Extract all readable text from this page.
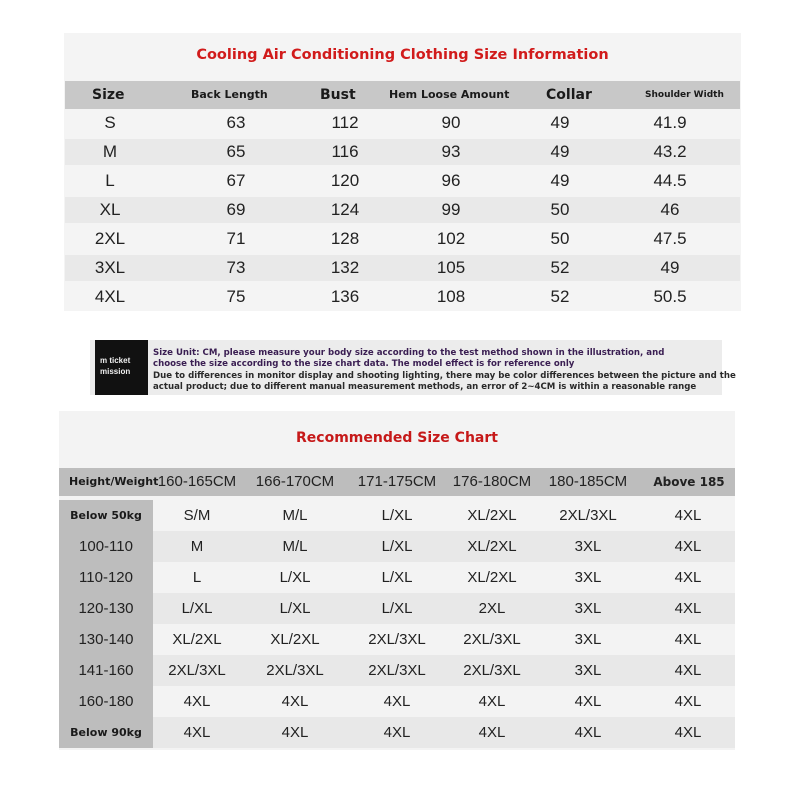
Cooling Air Conditioning Clothing Size Information
Size	Back Length	Bust	Hem Loose Amount	Collar	Shoulder Width
S	63	112	90	49	41.9
M	65	116	93	49	43.2
L	67	120	96	49	44.5
XL	69	124	99	50	46
2XL	71	128	102	50	47.5
3XL	73	132	105	52	49
4XL	75	136	108	52	50.5
m ticket
mission
Size Unit: CM, please measure your body size according to the test method shown in the illustration, and
choose the size according to the size chart data. The model effect is for reference only
Due to differences in monitor display and shooting lighting, there may be color differences between the picture and the
actual product; due to different manual measurement methods, an error of 2~4CM is within a reasonable range
Recommended Size Chart
Height/Weight 160-165CM 166-170CM 171-175CM 176-180CM 180-185CM Above 185
Below 50kg	S/M	M/L	L/XL	XL/2XL	2XL/3XL	4XL
100-110	M	M/L	L/XL	XL/2XL	3XL	4XL
110-120	L	L/XL	L/XL	XL/2XL	3XL	4XL
120-130	L/XL	L/XL	L/XL	2XL	3XL	4XL
130-140	XL/2XL	XL/2XL	2XL/3XL 2XL/3XL	3XL	4XL
141-160	2XL/3XL	2XL/3XL	2XL/3XL 2XL/3XL	3XL	4XL
160-180	4XL	4XL	4XL	4XL	4XL	4XL
Below 90kg	4XL	4XL	4XL	4XL	4XL	4XL
